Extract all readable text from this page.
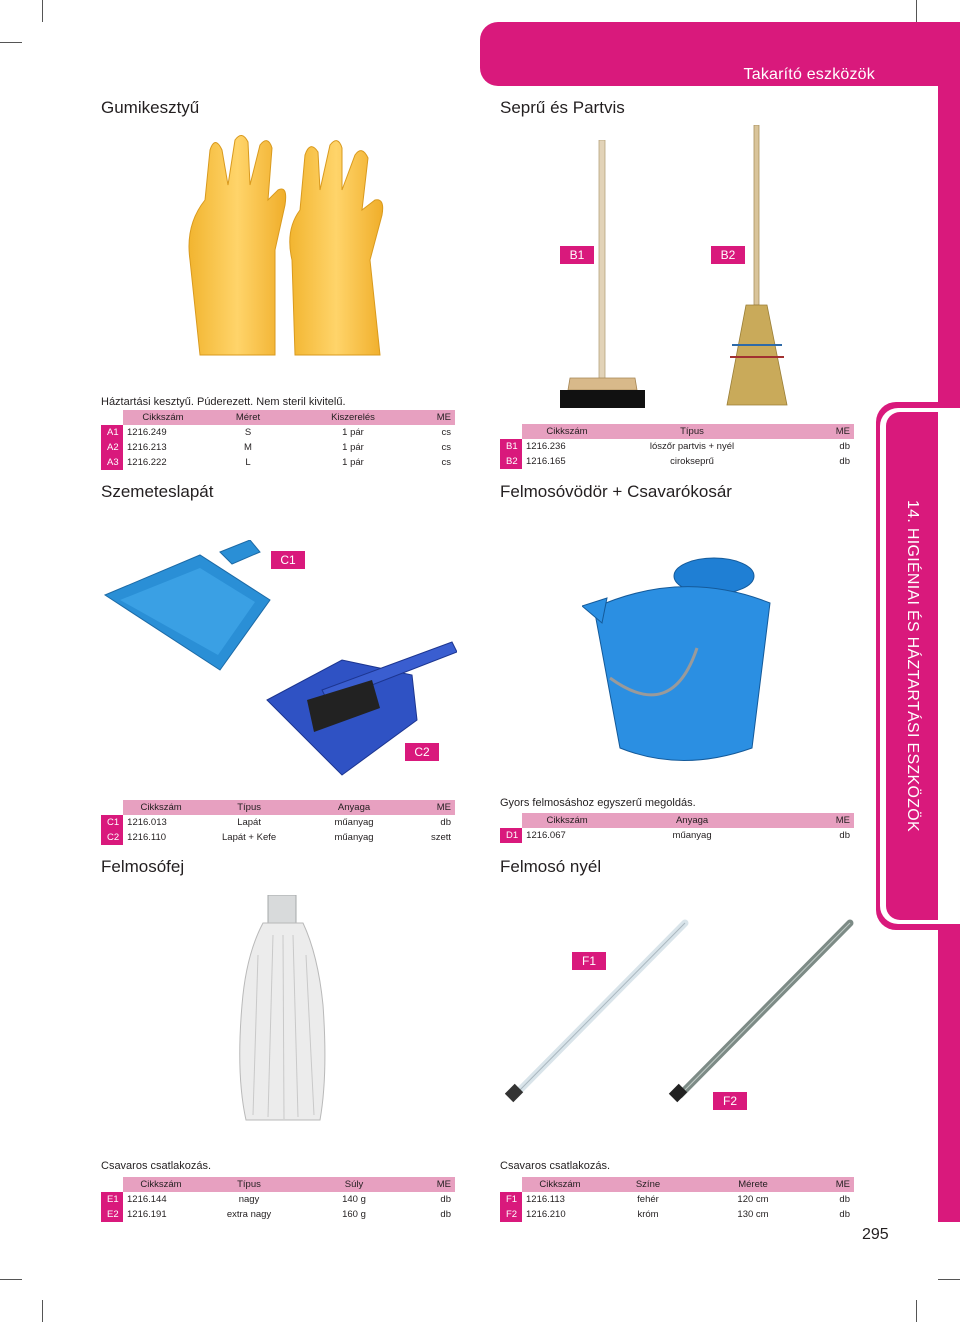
Takarító eszközök
14. HIGIÉNIAI ÉS HÁZTARTÁSI ESZKÖZÖK
Gumikesztyű
Háztartási kesztyű. Púderezett. Nem steril kivitelű.
	Cikkszám	Méret	Kiszerelés	ME
A1	1216.249	S	1 pár	cs
A2	1216.213	M	1 pár	cs
A3	1216.222	L	1 pár	cs
Seprű és Partvis
B1	B2
	Cikkszám	Típus	ME
B1	1216.236	lószőr partvis + nyél	db
B2	1216.165	cirokseprű	db
Szemeteslapát
C1
C2
	Cikkszám	Típus	Anyaga	ME
C1	1216.013	Lapát	műanyag	db
C2	1216.110	Lapát + Kefe	műanyag	szett
Felmosóvödör + Csavarókosár
Gyors felmosáshoz egyszerű megoldás.
	Cikkszám	Anyaga	ME
D1	1216.067	műanyag	db
Felmosófej
Csavaros csatlakozás.
	Cikkszám	Típus	Súly	ME
E1	1216.144	nagy	140 g	db
E2	1216.191	extra nagy	160 g	db
Felmosó nyél
F1
F2
Csavaros csatlakozás.
	Cikkszám	Színe	Mérete	ME
F1	1216.113	fehér	120 cm	db
F2	1216.210	króm	130 cm	db
295
